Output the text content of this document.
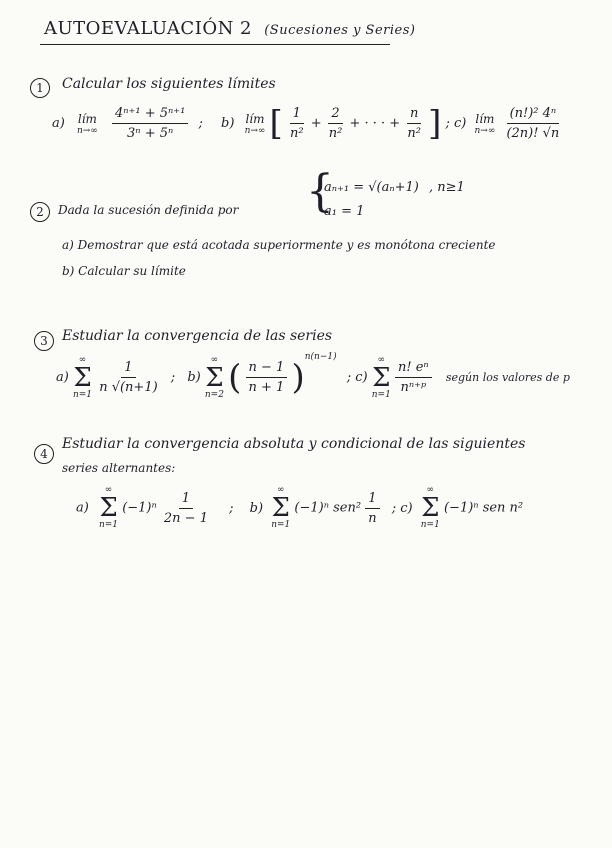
AUTOEVALUACIÓN 2 (Sucesiones y Series)
1	Calcular los siguientes límites
a) lím
n→∞
$\frac{\text{4ⁿ⁺¹ + 5ⁿ⁺¹}}{\text{3ⁿ + 5ⁿ}}$ ; b) lím
n→∞ [ $\frac{1}{\text{n²}} + \frac{2}{\text{n²}}$ + · · · + $\frac{n}{\text{n²}}$ ] ; c) lím
n→∞
$\frac{\text{(n!)² 4ⁿ}}{(2n)! √n}$
2	Dada la sucesión definida por {
aₙ₊₁ = √(aₙ+1) , n≥1
a₁ = 1
a) Demostrar que está acotada superiormente y es monótona creciente
b) Calcular su límite
3	Estudiar la convergencia de las series
a)
∞
Σ
n=1
$\frac{1}{n √(n+1)}$ ; b)
∞
Σ
n=2 ( $\frac{n - 1}{n + 1} )^{n(n-1)}$ ; c)
∞
Σ
n=1
$\frac{\text{n! eⁿ}}{\text{nⁿ⁺ᵖ}}$ según los valores de p
4
Estudiar la convergencia absoluta y condicional de las siguientes
series alternantes:
a)
∞
Σ
n=1
$(-1)^n \frac{1}{2n - 1}$ ; b)
∞
Σ
n=1
(−1)ⁿ $sen^2 \frac{1}{n}$ ; c)
∞
Σ
n=1
(−1)ⁿ sen n²
